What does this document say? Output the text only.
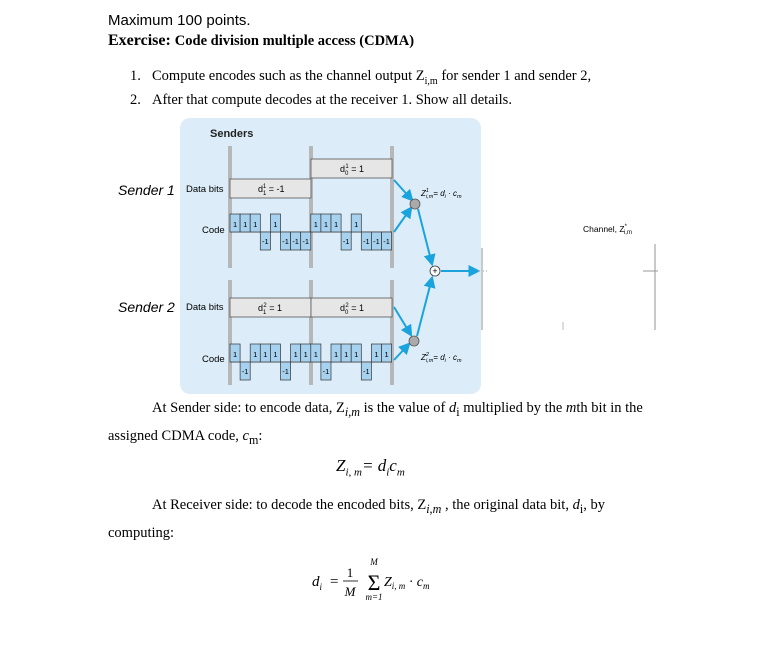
Maximum 100 points.
Exercise: Code division multiple access (CDMA)
1. Compute encodes such as the channel output $Z_{i,m}$ for sender 1 and sender 2,
2. After that compute decodes at the receiver 1. Show all details.
Senders
Sender 1 Data bits
Code
$d_11 = -1$
$d_01 = 1$
1 1 1
-1
1
-1 -1 -1
1 1 1
-1
1
-1 -1 -1
Sender 2 Data bits
Code
$d_12 = 1$	$d_02 = 1$
1
-1
1 1 1
-1
1 1 1
-1
1 1 1
-1
1 1
+
$Z^1$ $i,m= d_i \cdot c_m$
$Z^2$ $i,m= d_i \cdot c_m$
Channel, Z* i,m
At Sender side: to encode data, $Z_{i,m}$ is the value of $d_i$ multiplied by the mth bit in the assigned CDMA code, $c_m$:
$Z_{i, m}= d_ic_m$
At Receiver side: to decode the encoded bits, $Z_{i,m}$ , the original data bit, $d_i$, by computing:
$d_i$ =
1
M
M
Σ
m=1
$Z_{i, m} \cdot c_m$
